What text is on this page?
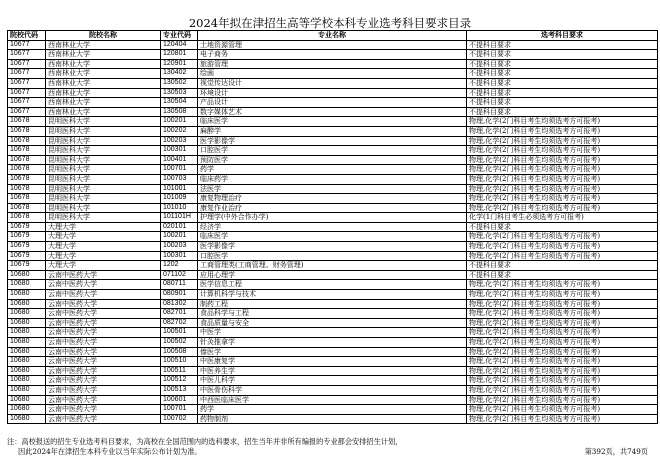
2024年拟在津招生高等学校本科专业选考科目要求目录
院校代码	院校名称	专业代码	专业名称	选考科目要求
10677	西南林业大学	120404	土地资源管理	不提科目要求
10677	西南林业大学	120801	电子商务	不提科目要求
10677	西南林业大学	120901	旅游管理	不提科目要求
10677	西南林业大学	130402	绘画	不提科目要求
10677	西南林业大学	130502	视觉传达设计	不提科目要求
10677	西南林业大学	130503	环境设计	不提科目要求
10677	西南林业大学	130504	产品设计	不提科目要求
10677	西南林业大学	130508	数字媒体艺术	不提科目要求
10678	昆明医科大学	100201	临床医学	物理,化学(2门科目考生均须选考方可报考)
10678	昆明医科大学	100202	麻醉学	物理,化学(2门科目考生均须选考方可报考)
10678	昆明医科大学	100203	医学影像学	物理,化学(2门科目考生均须选考方可报考)
10678	昆明医科大学	100301	口腔医学	物理,化学(2门科目考生均须选考方可报考)
10678	昆明医科大学	100401	预防医学	物理,化学(2门科目考生均须选考方可报考)
10678	昆明医科大学	100701	药学	物理,化学(2门科目考生均须选考方可报考)
10678	昆明医科大学	100703	临床药学	物理,化学(2门科目考生均须选考方可报考)
10678	昆明医科大学	101001	法医学	物理,化学(2门科目考生均须选考方可报考)
10678	昆明医科大学	101009	康复物理治疗	物理,化学(2门科目考生均须选考方可报考)
10678	昆明医科大学	101010	康复作业治疗	物理,化学(2门科目考生均须选考方可报考)
10678	昆明医科大学	101101H	护理学(中外合作办学)	化学(1门科目考生必须选考方可报考)
10679	大理大学	020101	经济学	不提科目要求
10679	大理大学	100201	临床医学	物理,化学(2门科目考生均须选考方可报考)
10679	大理大学	100203	医学影像学	物理,化学(2门科目考生均须选考方可报考)
10679	大理大学	100301	口腔医学	物理,化学(2门科目考生均须选考方可报考)
10679	大理大学	1202	工商管理类(工商管理、财务管理)	不提科目要求
10680	云南中医药大学	071102	应用心理学	不提科目要求
10680	云南中医药大学	080711	医学信息工程	物理,化学(2门科目考生均须选考方可报考)
10680	云南中医药大学	080901	计算机科学与技术	物理,化学(2门科目考生均须选考方可报考)
10680	云南中医药大学	081302	制药工程	物理,化学(2门科目考生均须选考方可报考)
10680	云南中医药大学	082701	食品科学与工程	物理,化学(2门科目考生均须选考方可报考)
10680	云南中医药大学	082702	食品质量与安全	物理,化学(2门科目考生均须选考方可报考)
10680	云南中医药大学	100501	中医学	物理,化学(2门科目考生均须选考方可报考)
10680	云南中医药大学	100502	针灸推拿学	物理,化学(2门科目考生均须选考方可报考)
10680	云南中医药大学	100508	傣医学	物理,化学(2门科目考生均须选考方可报考)
10680	云南中医药大学	100510	中医康复学	物理,化学(2门科目考生均须选考方可报考)
10680	云南中医药大学	100511	中医养生学	物理,化学(2门科目考生均须选考方可报考)
10680	云南中医药大学	100512	中医儿科学	物理,化学(2门科目考生均须选考方可报考)
10680	云南中医药大学	100513	中医骨伤科学	物理,化学(2门科目考生均须选考方可报考)
10680	云南中医药大学	100601	中西医临床医学	物理,化学(2门科目考生均须选考方可报考)
10680	云南中医药大学	100701	药学	物理,化学(2门科目考生均须选考方可报考)
10680	云南中医药大学	100702	药物制剂	物理,化学(2门科目考生均须选考方可报考)
注：高校报送的招生专业选考科目要求，为高校在全国范围内的选科要求，招生当年并非所有编报的专业都会安排招生计划，
因此2024年在津招生本科专业以当年实际公布计划为准。	第392页，共749页
